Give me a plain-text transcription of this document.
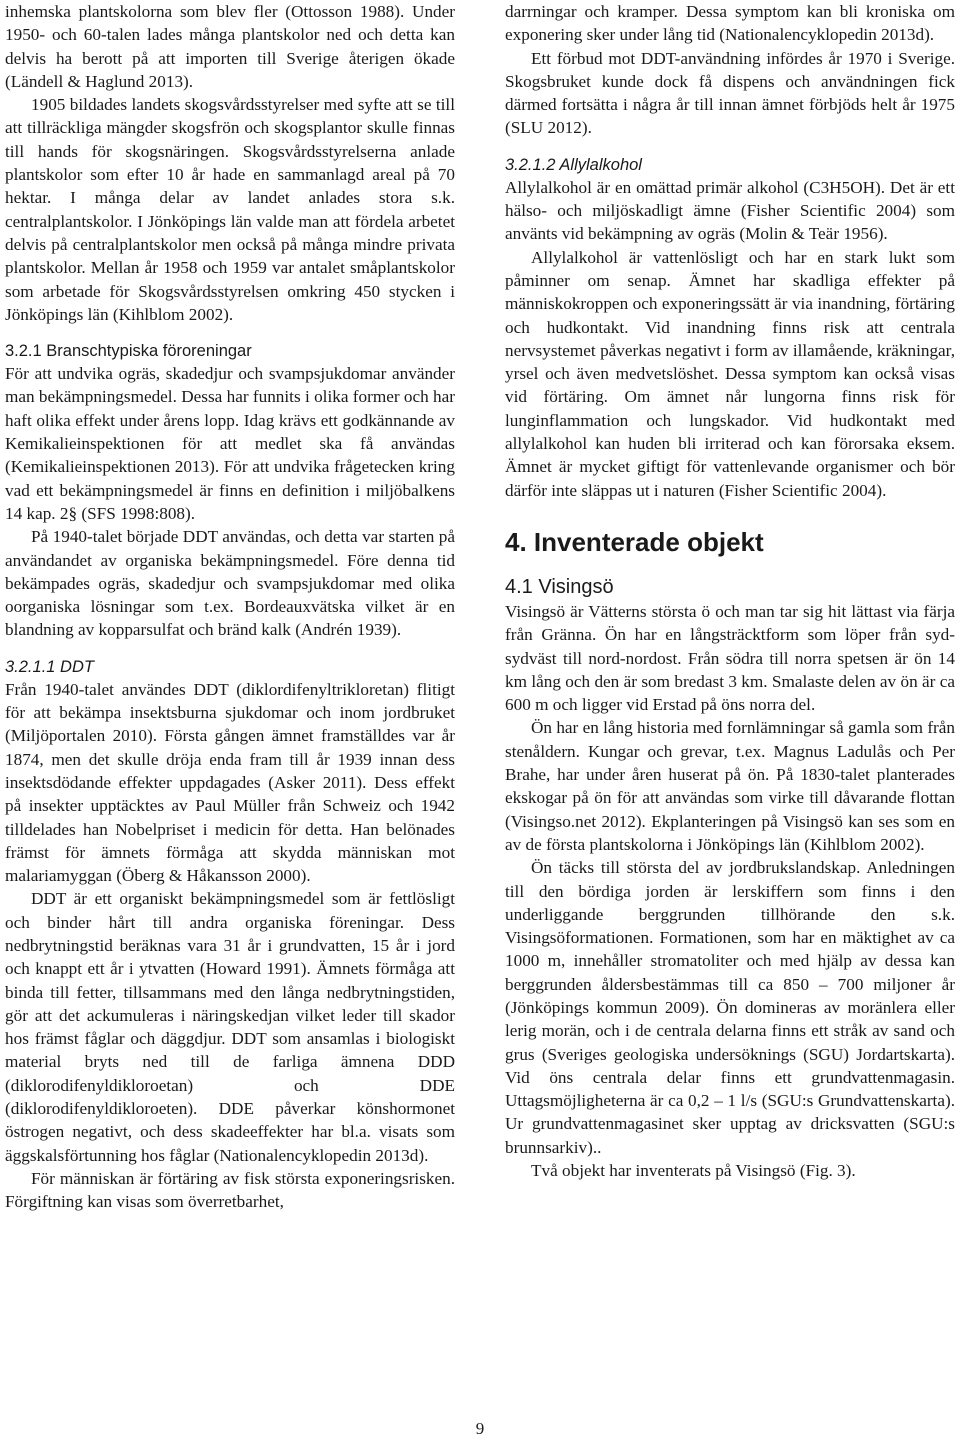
inhemska plantskolorna som blev fler (Ottosson 1988). Under 1950- och 60-talen lades många plantskolor ned och detta kan delvis ha berott på att importen till Sverige återigen ökade (Ländell & Haglund 2013).

1905 bildades landets skogsvårdsstyrelser med syfte att se till att tillräckliga mängder skogsfrön och skogsplantor skulle finnas till hands för skogsnäringen. Skogsvårdsstyrelserna anlade plantskolor som efter 10 år hade en sammanlagd areal på 70 hektar. I många delar av landet anlades stora s.k. centralplantskolor. I Jönköpings län valde man att fördela arbetet delvis på centralplantskolor men också på många mindre privata plantskolor. Mellan år 1958 och 1959 var antalet småplantskolor som arbetade för Skogsvårdsstyrelsen omkring 450 stycken i Jönköpings län (Kihlblom 2002).

3.2.1 Branschtypiska föroreningar

För att undvika ogräs, skadedjur och svampsjukdomar använder man bekämpningsmedel. Dessa har funnits i olika former och har haft olika effekt under årens lopp. Idag krävs ett godkännande av Kemikalieinspektionen för att medlet ska få användas (Kemikalieinspektionen 2013). För att undvika frågetecken kring vad ett bekämpningsmedel är finns en definition i miljöbalkens 14 kap. 2§ (SFS 1998:808).

På 1940-talet började DDT användas, och detta var starten på användandet av organiska bekämpningsmedel. Före denna tid bekämpades ogräs, skadedjur och svampsjukdomar med olika oorganiska lösningar som t.ex. Bordeauxvätska vilket är en blandning av kopparsulfat och bränd kalk (Andrén 1939).

3.2.1.1 DDT

Från 1940-talet användes DDT (diklordifenyltrikloretan) flitigt för att bekämpa insektsburna sjukdomar och inom jordbruket (Miljöportalen 2010). Första gången ämnet framställdes var år 1874, men det skulle dröja enda fram till år 1939 innan dess insektsdödande effekter uppdagades (Asker 2011). Dess effekt på insekter upptäcktes av Paul Müller från Schweiz och 1942 tilldelades han Nobelpriset i medicin för detta. Han belönades främst för ämnets förmåga att skydda människan mot malariamyggan (Öberg & Håkansson 2000).

DDT är ett organiskt bekämpningsmedel som är fettlösligt och binder hårt till andra organiska föreningar. Dess nedbrytningstid beräknas vara 31 år i grundvatten, 15 år i jord och knappt ett år i ytvatten (Howard 1991). Ämnets förmåga att binda till fetter, tillsammans med den långa nedbrytningstiden, gör att det ackumuleras i näringskedjan vilket leder till skador hos främst fåglar och däggdjur. DDT som ansamlas i biologiskt material bryts ned till de farliga ämnena DDD (diklorodifenyldikloroetan) och DDE (diklorodifenyldikloroeten). DDE påverkar könshormonet östrogen negativt, och dess skadeeffekter har bl.a. visats som äggskalsförtunning hos fåglar (Nationalencyklopedin 2013d).

För människan är förtäring av fisk största exponeringsrisken. Förgiftning kan visas som överretbarhet,

darrningar och kramper. Dessa symptom kan bli kroniska om exponering sker under lång tid (Nationalencyklopedin 2013d).

Ett förbud mot DDT-användning infördes år 1970 i Sverige. Skogsbruket kunde dock få dispens och användningen fick därmed fortsätta i några år till innan ämnet förbjöds helt år 1975 (SLU 2012).

3.2.1.2 Allylalkohol

Allylalkohol är en omättad primär alkohol (C3H5OH). Det är ett hälso- och miljöskadligt ämne (Fisher Scientific 2004) som använts vid bekämpning av ogräs (Molin & Teär 1956).

Allylalkohol är vattenlösligt och har en stark lukt som påminner om senap. Ämnet har skadliga effekter på människokroppen och exponeringssätt är via inandning, förtäring och hudkontakt. Vid inandning finns risk att centrala nervsystemet påverkas negativt i form av illamående, kräkningar, yrsel och även medvetslöshet. Dessa symptom kan också visas vid förtäring. Om ämnet når lungorna finns risk för lunginflammation och lungskador. Vid hudkontakt med allylalkohol kan huden bli irriterad och kan förorsaka eksem. Ämnet är mycket giftigt för vattenlevande organismer och bör därför inte släppas ut i naturen (Fisher Scientific 2004).

4. Inventerade objekt
4.1 Visingsö

Visingsö är Vätterns största ö och man tar sig hit lättast via färja från Gränna. Ön har en långsträcktform som löper från syd-sydväst till nord-nordost. Från södra till norra spetsen är ön 14 km lång och den är som bredast 3 km. Smalaste delen av ön är ca 600 m och ligger vid Erstad på öns norra del.

Ön har en lång historia med fornlämningar så gamla som från stenåldern. Kungar och grevar, t.ex. Magnus Ladulås och Per Brahe, har under åren huserat på ön. På 1830-talet planterades ekskogar på ön för att användas som virke till dåvarande flottan (Visingso.net 2012). Ekplanteringen på Visingsö kan ses som en av de första plantskolorna i Jönköpings län (Kihlblom 2002).

Ön täcks till största del av jordbrukslandskap. Anledningen till den bördiga jorden är lerskiffern som finns i den underliggande berggrunden tillhörande den s.k. Visingsöformationen. Formationen, som har en mäktighet av ca 1000 m, innehåller stromatoliter och med hjälp av dessa kan berggrunden åldersbestämmas till ca 850 – 700 miljoner år (Jönköpings kommun 2009). Ön domineras av moränlera eller lerig morän, och i de centrala delarna finns ett stråk av sand och grus (Sveriges geologiska undersöknings (SGU) Jordartskarta). Vid öns centrala delar finns ett grundvattenmagasin. Uttagsmöjligheterna är ca 0,2 – 1 l/s (SGU:s Grundvattenskarta). Ur grundvattenmagasinet sker upptag av dricksvatten (SGU:s brunnsarkiv)..

Två objekt har inventerats på Visingsö (Fig. 3).

9
